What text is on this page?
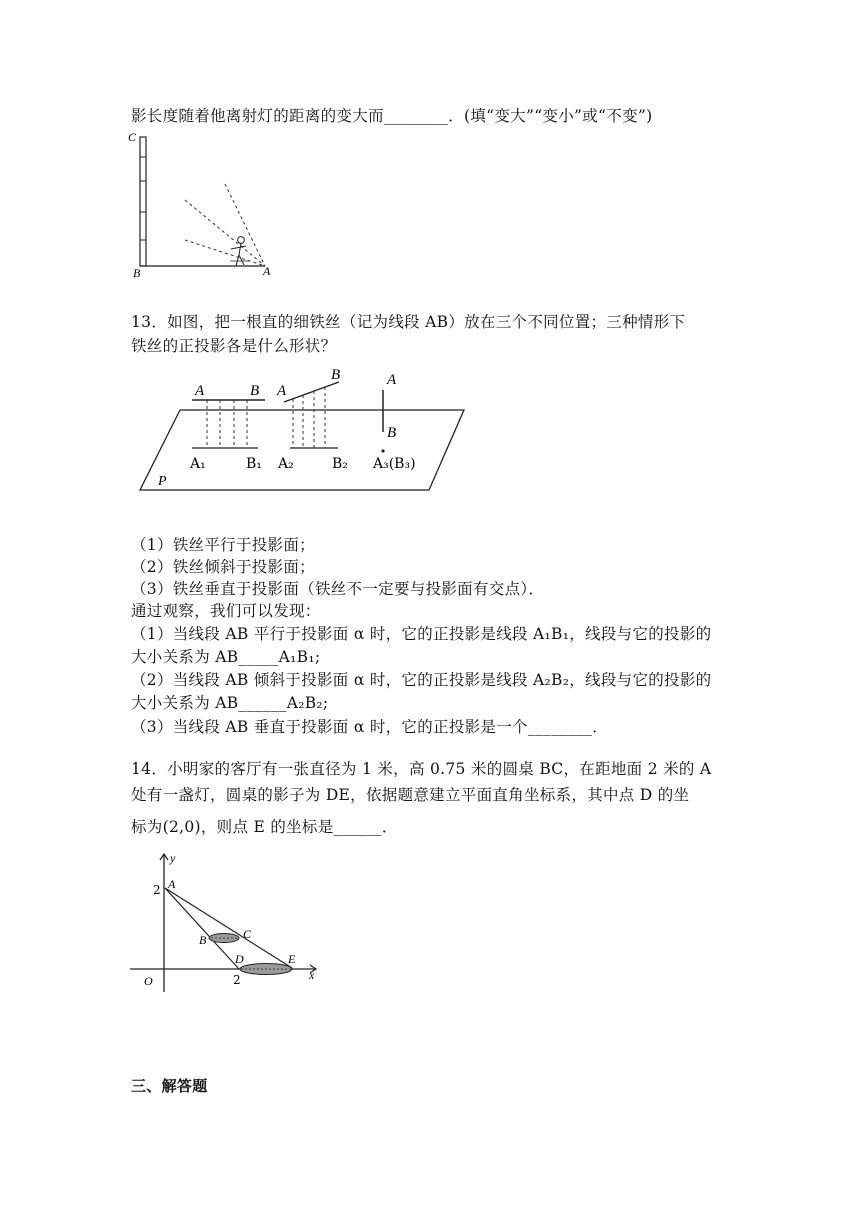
影长度随着他离射灯的距离的变大而________．(填“变大”“变小”或“不变”)
C
B	A
13．如图，把一根直的细铁丝（记为线段 AB）放在三个不同位置；三种情形下
铁丝的正投影各是什么形状？
A	B
A₁	B₁
A
B
A₂	B₂
A
B
A₃(B₃)
P
（1）铁丝平行于投影面；
（2）铁丝倾斜于投影面；
（3）铁丝垂直于投影面（铁丝不一定要与投影面有交点）．
通过观察，我们可以发现：
（1）当线段 AB 平行于投影面 α 时，它的正投影是线段 A₁B₁，线段与它的投影的
大小关系为 AB_____A₁B₁;
（2）当线段 AB 倾斜于投影面 α 时，它的正投影是线段 A₂B₂，线段与它的投影的
大小关系为 AB______A₂B₂;
（3）当线段 AB 垂直于投影面 α 时，它的正投影是一个________．
14．小明家的客厅有一张直径为 1 米，高 0.75 米的圆桌 BC，在距地面 2 米的 A
处有一盏灯，圆桌的影子为 DE，依据题意建立平面直角坐标系，其中点 D 的坐
标为(2,0)，则点 E 的坐标是______．
y
x
O
2
2
A
B	C
D	E
三、解答题
